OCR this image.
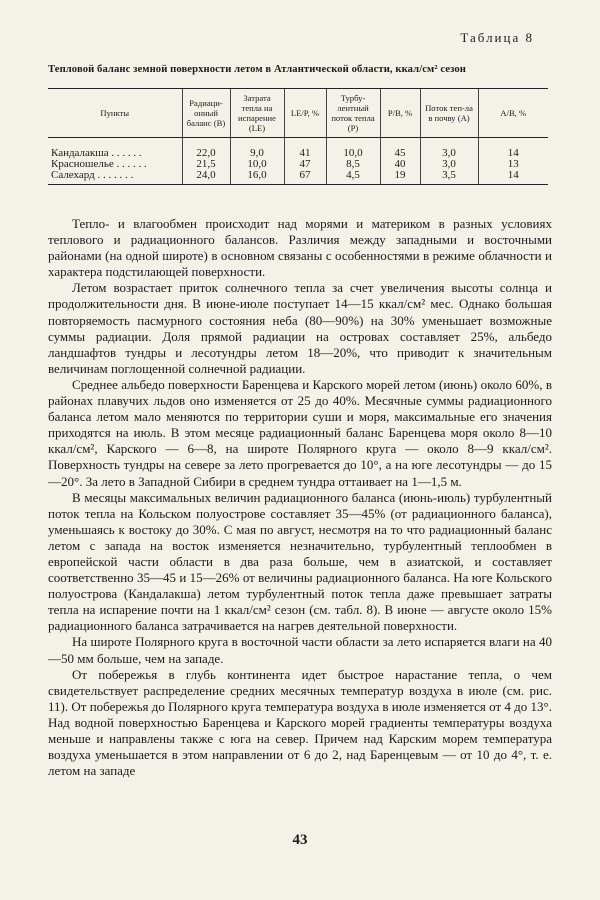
Таблица 8
Тепловой баланс земной поверхности летом в Атлантической области, ккал/см² сезон
Пункты	Радиаци-онный баланс (B)	Затрата тепла на испарение (LE)	LE/P, %	Турбу-лентный поток тепла (P)	P/B, %	Поток теп-ла в почву (A)	A/B, %
Кандалакша . . . . . .	22,0	9,0	41	10,0	45	3,0	14
Красношелье . . . . . .	21,5	10,0	47	8,5	40	3,0	13
Салехард . . . . . . .	24,0	16,0	67	4,5	19	3,5	14

Тепло- и влагообмен происходит над морями и материком в разных условиях теплового и радиационного балансов. Различия между западными и восточными районами (на одной широте) в основном связаны с особенностями в режиме облачности и характера подстилающей поверхности.

Летом возрастает приток солнечного тепла за счет увеличения высоты солнца и продолжительности дня. В июне-июле поступает 14—15 ккал/см² мес. Однако большая повторяемость пасмурного состояния неба (80—90%) на 30% уменьшает возможные суммы радиации. Доля прямой радиации на островах составляет 25%, альбедо ландшафтов тундры и лесотундры летом 18—20%, что приводит к значительным величинам поглощенной солнечной радиации.

Среднее альбедо поверхности Баренцева и Карского морей летом (июнь) около 60%, в районах плавучих льдов оно изменяется от 25 до 40%. Месячные суммы радиационного баланса летом мало меняются по территории суши и моря, максимальные его значения приходятся на июль. В этом месяце радиационный баланс Баренцева моря около 8—10 ккал/см², Карского — 6—8, на широте Полярного круга — около 8—9 ккал/см². Поверхность тундры на севере за лето прогревается до 10°, а на юге лесотундры — до 15—20°. За лето в Западной Сибири в среднем тундра оттаивает на 1—1,5 м.

В месяцы максимальных величин радиационного баланса (июнь-июль) турбулентный поток тепла на Кольском полуострове составляет 35—45% (от радиационного баланса), уменьшаясь к востоку до 30%. С мая по август, несмотря на то что радиационный баланс летом с запада на восток изменяется незначительно, турбулентный теплообмен в европейской части области в два раза больше, чем в азиатской, и составляет соответственно 35—45 и 15—26% от величины радиационного баланса. На юге Кольского полуострова (Кандалакша) летом турбулентный поток тепла даже превышает затраты тепла на испарение почти на 1 ккал/см² сезон (см. табл. 8). В июне — августе около 15% радиационного баланса затрачивается на нагрев деятельной поверхности.

На широте Полярного круга в восточной части области за лето испаряется влаги на 40—50 мм больше, чем на западе.

От побережья в глубь континента идет быстрое нарастание тепла, о чем свидетельствует распределение средних месячных температур воздуха в июле (см. рис. 11). От побережья до Полярного круга температура воздуха в июле изменяется от 4 до 13°. Над водной поверхностью Баренцева и Карского морей градиенты температуры воздуха меньше и направлены также с юга на север. Причем над Карским морем температура воздуха уменьшается в этом направлении от 6 до 2, над Баренцевым — от 10 до 4°, т. е. летом на западе

43
